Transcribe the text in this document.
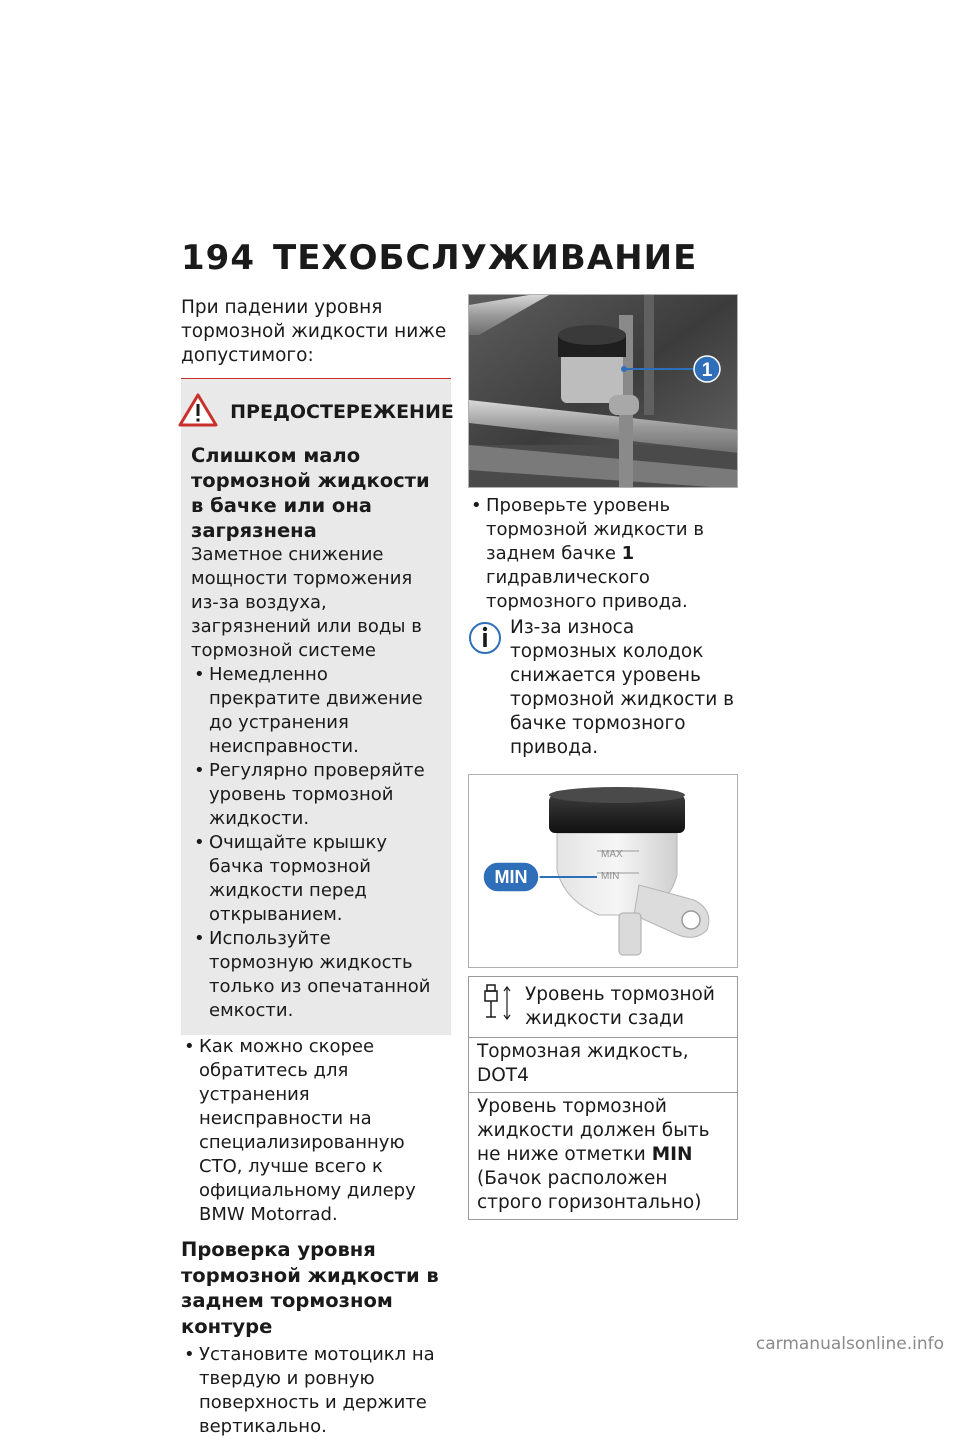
194 ТЕХОБСЛУЖИВАНИЕ

При падении уровня тормозной жидкости ниже допустимого:

ПРЕДОСТЕРЕЖЕНИЕ

Слишком мало тормозной жидкости в бачке или она загрязнена

Заметное снижение мощности торможения из-за воздуха, загрязнений или воды в тормозной системе

• Немедленно прекратите движение до устранения неисправности.
• Регулярно проверяйте уровень тормозной жидкости.
• Очищайте крышку бачка тормозной жидкости перед открыванием.
• Используйте тормозную жидкость только из опечатанной емкости.
• Как можно скорее обратитесь для устранения неисправности на специализированную СТО, лучше всего к официальному дилеру BMW Motorrad.

Проверка уровня тормозной жидкости в заднем тормозном контуре

• Установите мотоцикл на твердую и ровную поверхность и держите вертикально.
1
• Проверьте уровень тормозной жидкости в заднем бачке 1 гидравлического тормозного привода.

Из-за износа тормозных колодок снижается уровень тормозной жидкости в бачке тормозного привода.

MAX
MIN
MIN

Уровень тормозной жидкости сзади

Тормозная жидкость, DOT4

Уровень тормозной жидкости должен быть не ниже отметки MIN (Бачок расположен строго горизонтально)

carmanualsonline.info
